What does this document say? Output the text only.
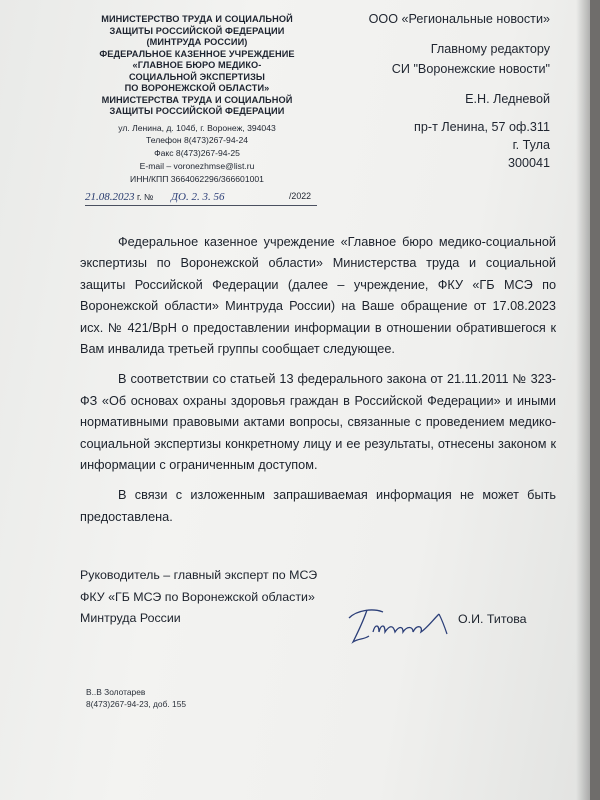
МИНИСТЕРСТВО ТРУДА И СОЦИАЛЬНОЙ
ЗАЩИТЫ РОССИЙСКОЙ ФЕДЕРАЦИИ
(МИНТРУДА РОССИИ)
ФЕДЕРАЛЬНОЕ КАЗЕННОЕ УЧРЕЖДЕНИЕ
«ГЛАВНОЕ БЮРО МЕДИКО-
СОЦИАЛЬНОЙ ЭКСПЕРТИЗЫ
ПО ВОРОНЕЖСКОЙ ОБЛАСТИ»
МИНИСТЕРСТВА ТРУДА И СОЦИАЛЬНОЙ
ЗАЩИТЫ РОССИЙСКОЙ ФЕДЕРАЦИИ
ул. Ленина, д. 104б, г. Воронеж, 394043
Телефон 8(473)267-94-24
Факс 8(473)267-94-25
E-mail – voronezhmse@list.ru
ИНН/КПП 3664062296/366601001
21.08.2023 г. № ДО. 2. 3. 56	/2022
ООО «Региональные новости»
Главному редактору
СИ "Воронежские новости"
Е.Н. Ледневой
пр-т Ленина, 57 оф.311
г. Тула
300041

Федеральное казенное учреждение «Главное бюро медико-социальной экспертизы по Воронежской области» Министерства труда и социальной защиты Российской Федерации (далее – учреждение, ФКУ «ГБ МСЭ по Воронежской области» Минтруда России) на Ваше обращение от 17.08.2023 исх. № 421/ВрН о предоставлении информации в отношении обратившегося к Вам инвалида третьей группы сообщает следующее.

В соответствии со статьей 13 федерального закона от 21.11.2011 № 323-ФЗ «Об основах охраны здоровья граждан в Российской Федерации» и иными нормативными правовыми актами вопросы, связанные с проведением медико-социальной экспертизы конкретному лицу и ее результаты, отнесены законом к информации с ограниченным доступом.

В связи с изложенным запрашиваемая информация не может быть предоставлена.

Руководитель – главный эксперт по МСЭ
ФКУ «ГБ МСЭ по Воронежской области»
Минтруда России	О.И. Титова
В..В Золотарев
8(473)267-94-23, доб. 155
